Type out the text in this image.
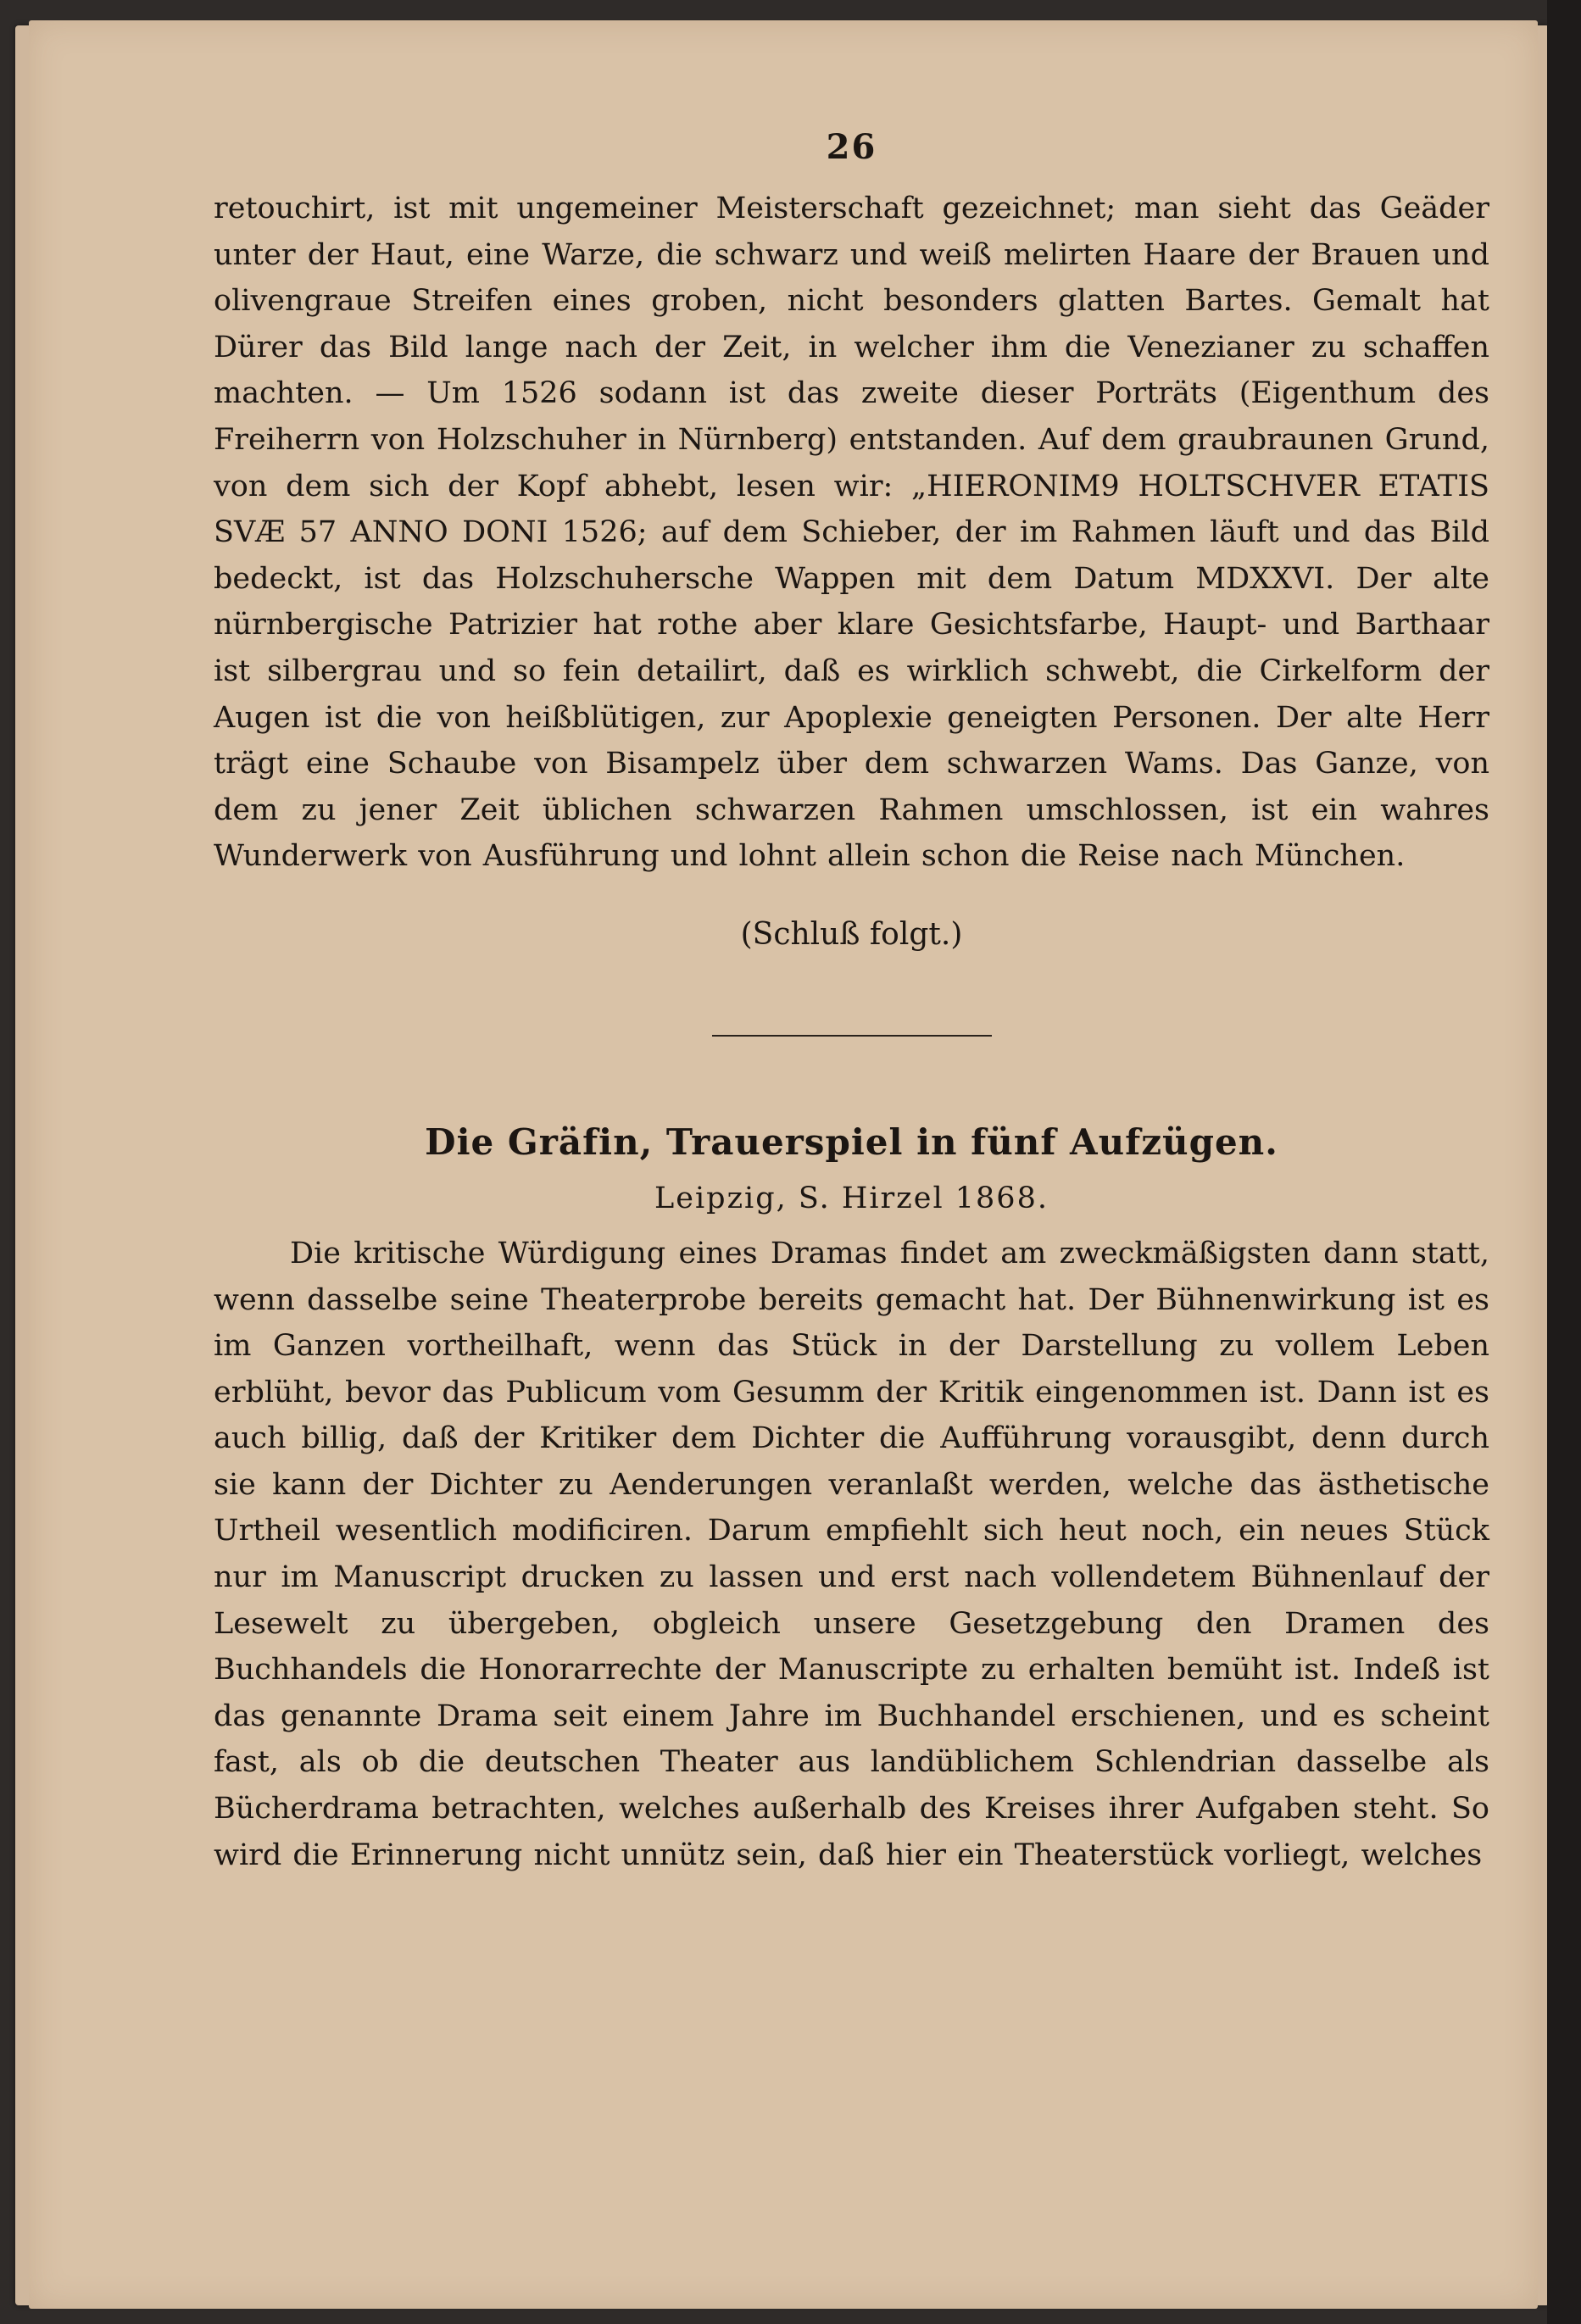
26

retouchirt, ist mit ungemeiner Meisterschaft gezeichnet; man sieht das Geäder unter der Haut, eine Warze, die schwarz und weiß melirten Haare der Brauen und olivengraue Streifen eines groben, nicht besonders glatten Bartes. Gemalt hat Dürer das Bild lange nach der Zeit, in welcher ihm die Venezianer zu schaffen machten. — Um 1526 sodann ist das zweite dieser Porträts (Eigenthum des Freiherrn von Holzschuher in Nürnberg) entstanden. Auf dem graubraunen Grund, von dem sich der Kopf abhebt, lesen wir: „HIERONIM9 HOLTSCHVER ETATIS SVÆ 57 ANNO DONI 1526; auf dem Schieber, der im Rahmen läuft und das Bild bedeckt, ist das Holzschuhersche Wappen mit dem Datum MDXXVI. Der alte nürnbergische Patrizier hat rothe aber klare Gesichtsfarbe, Haupt- und Barthaar ist silbergrau und so fein detailirt, daß es wirklich schwebt, die Cirkelform der Augen ist die von heißblütigen, zur Apoplexie geneigten Personen. Der alte Herr trägt eine Schaube von Bisampelz über dem schwarzen Wams. Das Ganze, von dem zu jener Zeit üblichen schwarzen Rahmen umschlossen, ist ein wahres Wunderwerk von Ausführung und lohnt allein schon die Reise nach München.

(Schluß folgt.)
Die Gräfin, Trauerspiel in fünf Aufzügen.
Leipzig, S. Hirzel 1868.

Die kritische Würdigung eines Dramas findet am zweckmäßigsten dann statt, wenn dasselbe seine Theaterprobe bereits gemacht hat. Der Bühnenwirkung ist es im Ganzen vortheilhaft, wenn das Stück in der Darstellung zu vollem Leben erblüht, bevor das Publicum vom Gesumm der Kritik eingenommen ist. Dann ist es auch billig, daß der Kritiker dem Dichter die Aufführung vorausgibt, denn durch sie kann der Dichter zu Aenderungen veranlaßt werden, welche das ästhetische Urtheil wesentlich modificiren. Darum empfiehlt sich heut noch, ein neues Stück nur im Manuscript drucken zu lassen und erst nach vollendetem Bühnenlauf der Lesewelt zu übergeben, obgleich unsere Gesetzgebung den Dramen des Buchhandels die Honorarrechte der Manuscripte zu erhalten bemüht ist. Indeß ist das genannte Drama seit einem Jahre im Buchhandel erschienen, und es scheint fast, als ob die deutschen Theater aus landüblichem Schlendrian dasselbe als Bücherdrama betrachten, welches außerhalb des Kreises ihrer Aufgaben steht. So wird die Erinnerung nicht unnütz sein, daß hier ein Theaterstück vorliegt, welches
